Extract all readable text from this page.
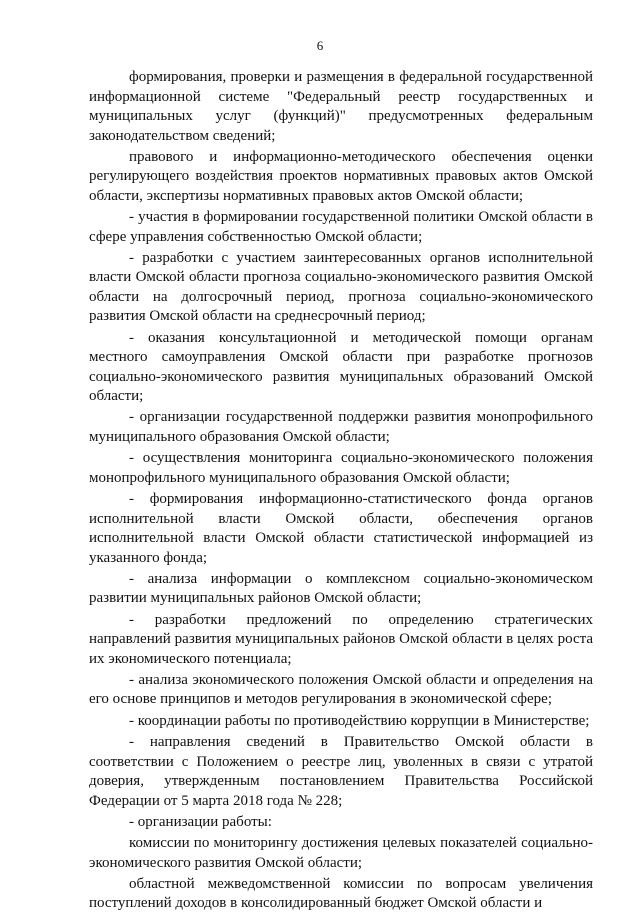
6

формирования, проверки и размещения в федеральной государственной информационной системе "Федеральный реестр государственных и муниципальных услуг (функций)" предусмотренных федеральным законодательством сведений;

правового и информационно-методического обеспечения оценки регулирующего воздействия проектов нормативных правовых актов Омской области, экспертизы нормативных правовых актов Омской области;

- участия в формировании государственной политики Омской области в сфере управления собственностью Омской области;

- разработки с участием заинтересованных органов исполнительной власти Омской области прогноза социально-экономического развития Омской области на долгосрочный период, прогноза социально-экономического развития Омской области на среднесрочный период;

- оказания консультационной и методической помощи органам местного самоуправления Омской области при разработке прогнозов социально-экономического развития муниципальных образований Омской области;

- организации государственной поддержки развития монопрофильного муниципального образования Омской области;

- осуществления мониторинга социально-экономического положения монопрофильного муниципального образования Омской области;

- формирования информационно-статистического фонда органов исполнительной власти Омской области, обеспечения органов исполнительной власти Омской области статистической информацией из указанного фонда;

- анализа информации о комплексном социально-экономическом развитии муниципальных районов Омской области;

- разработки предложений по определению стратегических направлений развития муниципальных районов Омской области в целях роста их экономического потенциала;

- анализа экономического положения Омской области и определения на его основе принципов и методов регулирования в экономической сфере;

- координации работы по противодействию коррупции в Министерстве;

- направления сведений в Правительство Омской области в соответствии с Положением о реестре лиц, уволенных в связи с утратой доверия, утвержденным постановлением Правительства Российской Федерации от 5 марта 2018 года № 228;

- организации работы:

комиссии по мониторингу достижения целевых показателей социально-экономического развития Омской области;

областной межведомственной комиссии по вопросам увеличения поступлений доходов в консолидированный бюджет Омской области и
